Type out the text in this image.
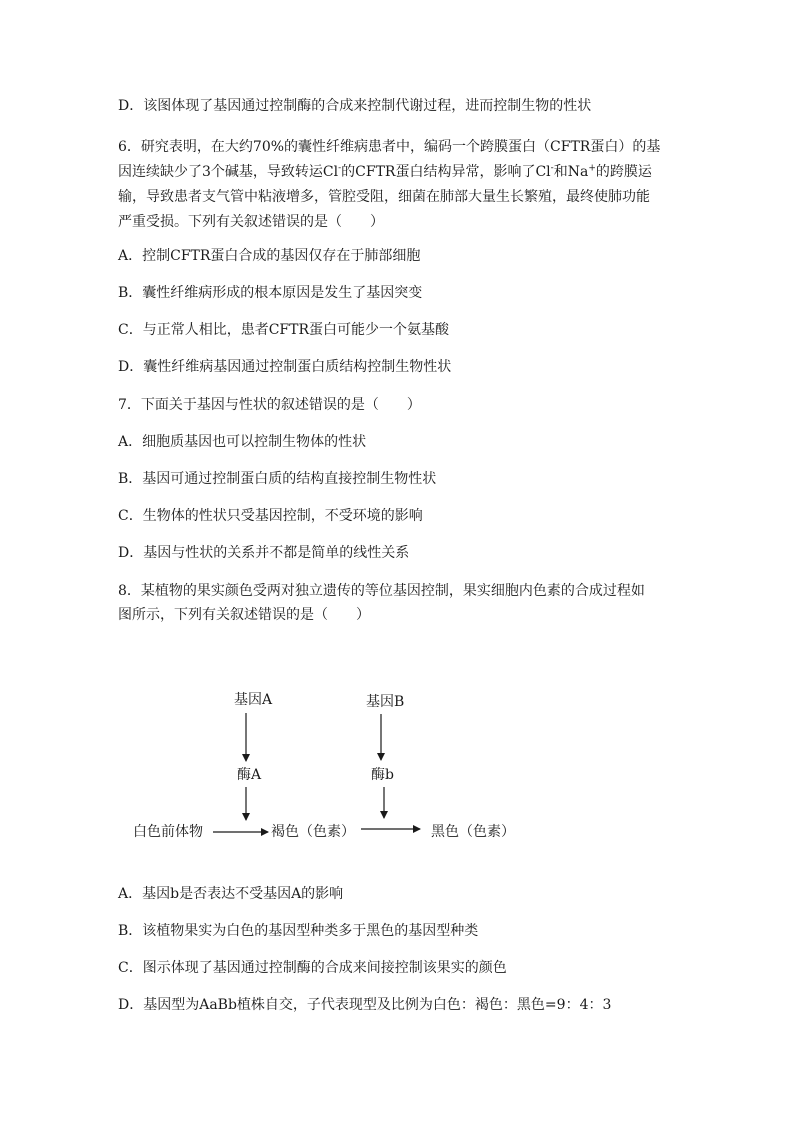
D．该图体现了基因通过控制酶的合成来控制代谢过程，进而控制生物的性状
6．研究表明，在大约70%的囊性纤维病患者中，编码一个跨膜蛋白（CFTR蛋白）的基
因连续缺少了3个碱基，导致转运Cl-的CFTR蛋白结构异常，影响了Cl-和Na+的跨膜运
输，导致患者支气管中粘液增多，管腔受阻，细菌在肺部大量生长繁殖，最终使肺功能
严重受损。下列有关叙述错误的是（　　）
A．控制CFTR蛋白合成的基因仅存在于肺部细胞
B．囊性纤维病形成的根本原因是发生了基因突变
C．与正常人相比，患者CFTR蛋白可能少一个氨基酸
D．囊性纤维病基因通过控制蛋白质结构控制生物性状
7．下面关于基因与性状的叙述错误的是（　　）
A．细胞质基因也可以控制生物体的性状
B．基因可通过控制蛋白质的结构直接控制生物性状
C．生物体的性状只受基因控制，不受环境的影响
D．基因与性状的关系并不都是简单的线性关系
8．某植物的果实颜色受两对独立遗传的等位基因控制，果实细胞内色素的合成过程如
图所示，下列有关叙述错误的是（　　）
基因A	基因B
酶A	酶b
白色前体物	褐色（色素）	黑色（色素）
A．基因b是否表达不受基因A的影响
B．该植物果实为白色的基因型种类多于黑色的基因型种类
C．图示体现了基因通过控制酶的合成来间接控制该果实的颜色
D．基因型为AaBb植株自交，子代表现型及比例为白色：褐色：黑色=9：4：3
